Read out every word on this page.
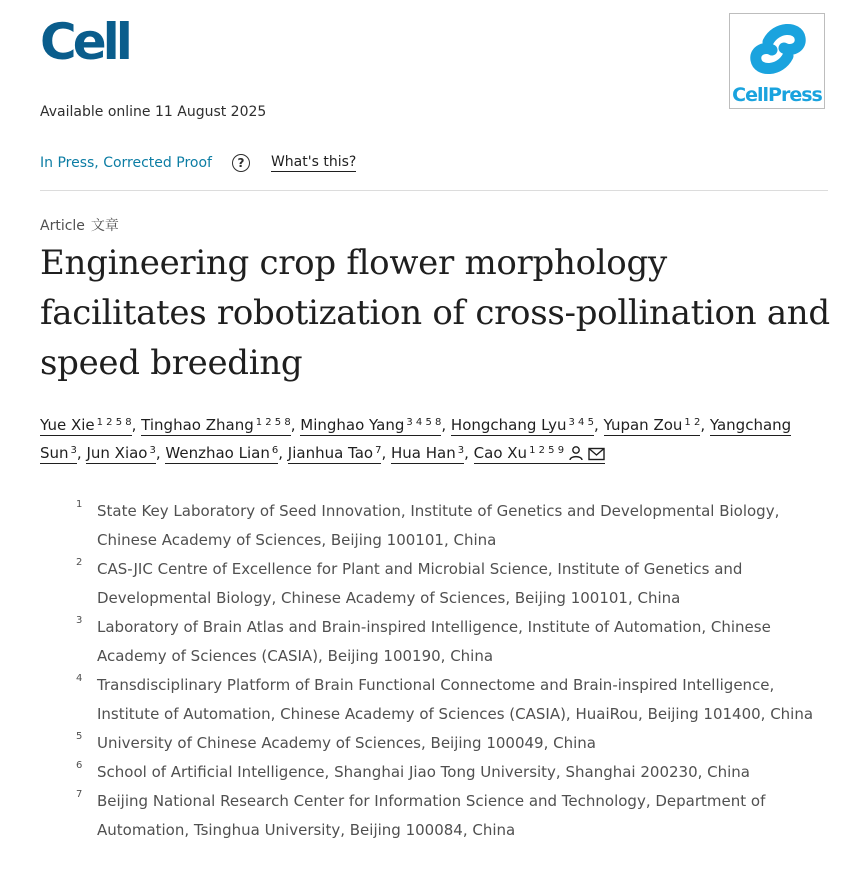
Cell
CellPress
Available online 11 August 2025
In Press, Corrected Proof	?	What's this?
Article 文章
Engineering crop flower morphology facilitates robotization of cross-pollination and speed breeding
Yue Xie $^{1 2 5 8}$, Tinghao Zhang $^{1 2 5 8}$, Minghao Yang $^{3 4 5 8}$, Hongchang Lyu $^{3 4 5}$, Yupan Zou $^{1 2}$, Yangchang Sun $^3$, Jun Xiao $^3$, Wenzhao Lian $^6$, Jianhua Tao $^7$, Hua Han $^3$, Cao Xu $^{1 2 5 9}$
1 State Key Laboratory of Seed Innovation, Institute of Genetics and Developmental Biology, Chinese Academy of Sciences, Beijing 100101, China
2 CAS-JIC Centre of Excellence for Plant and Microbial Science, Institute of Genetics and Developmental Biology, Chinese Academy of Sciences, Beijing 100101, China
3 Laboratory of Brain Atlas and Brain-inspired Intelligence, Institute of Automation, Chinese Academy of Sciences (CASIA), Beijing 100190, China
4 Transdisciplinary Platform of Brain Functional Connectome and Brain-inspired Intelligence, Institute of Automation, Chinese Academy of Sciences (CASIA), HuaiRou, Beijing 101400, China
5 University of Chinese Academy of Sciences, Beijing 100049, China
6 School of Artificial Intelligence, Shanghai Jiao Tong University, Shanghai 200230, China
7 Beijing National Research Center for Information Science and Technology, Department of Automation, Tsinghua University, Beijing 100084, China
